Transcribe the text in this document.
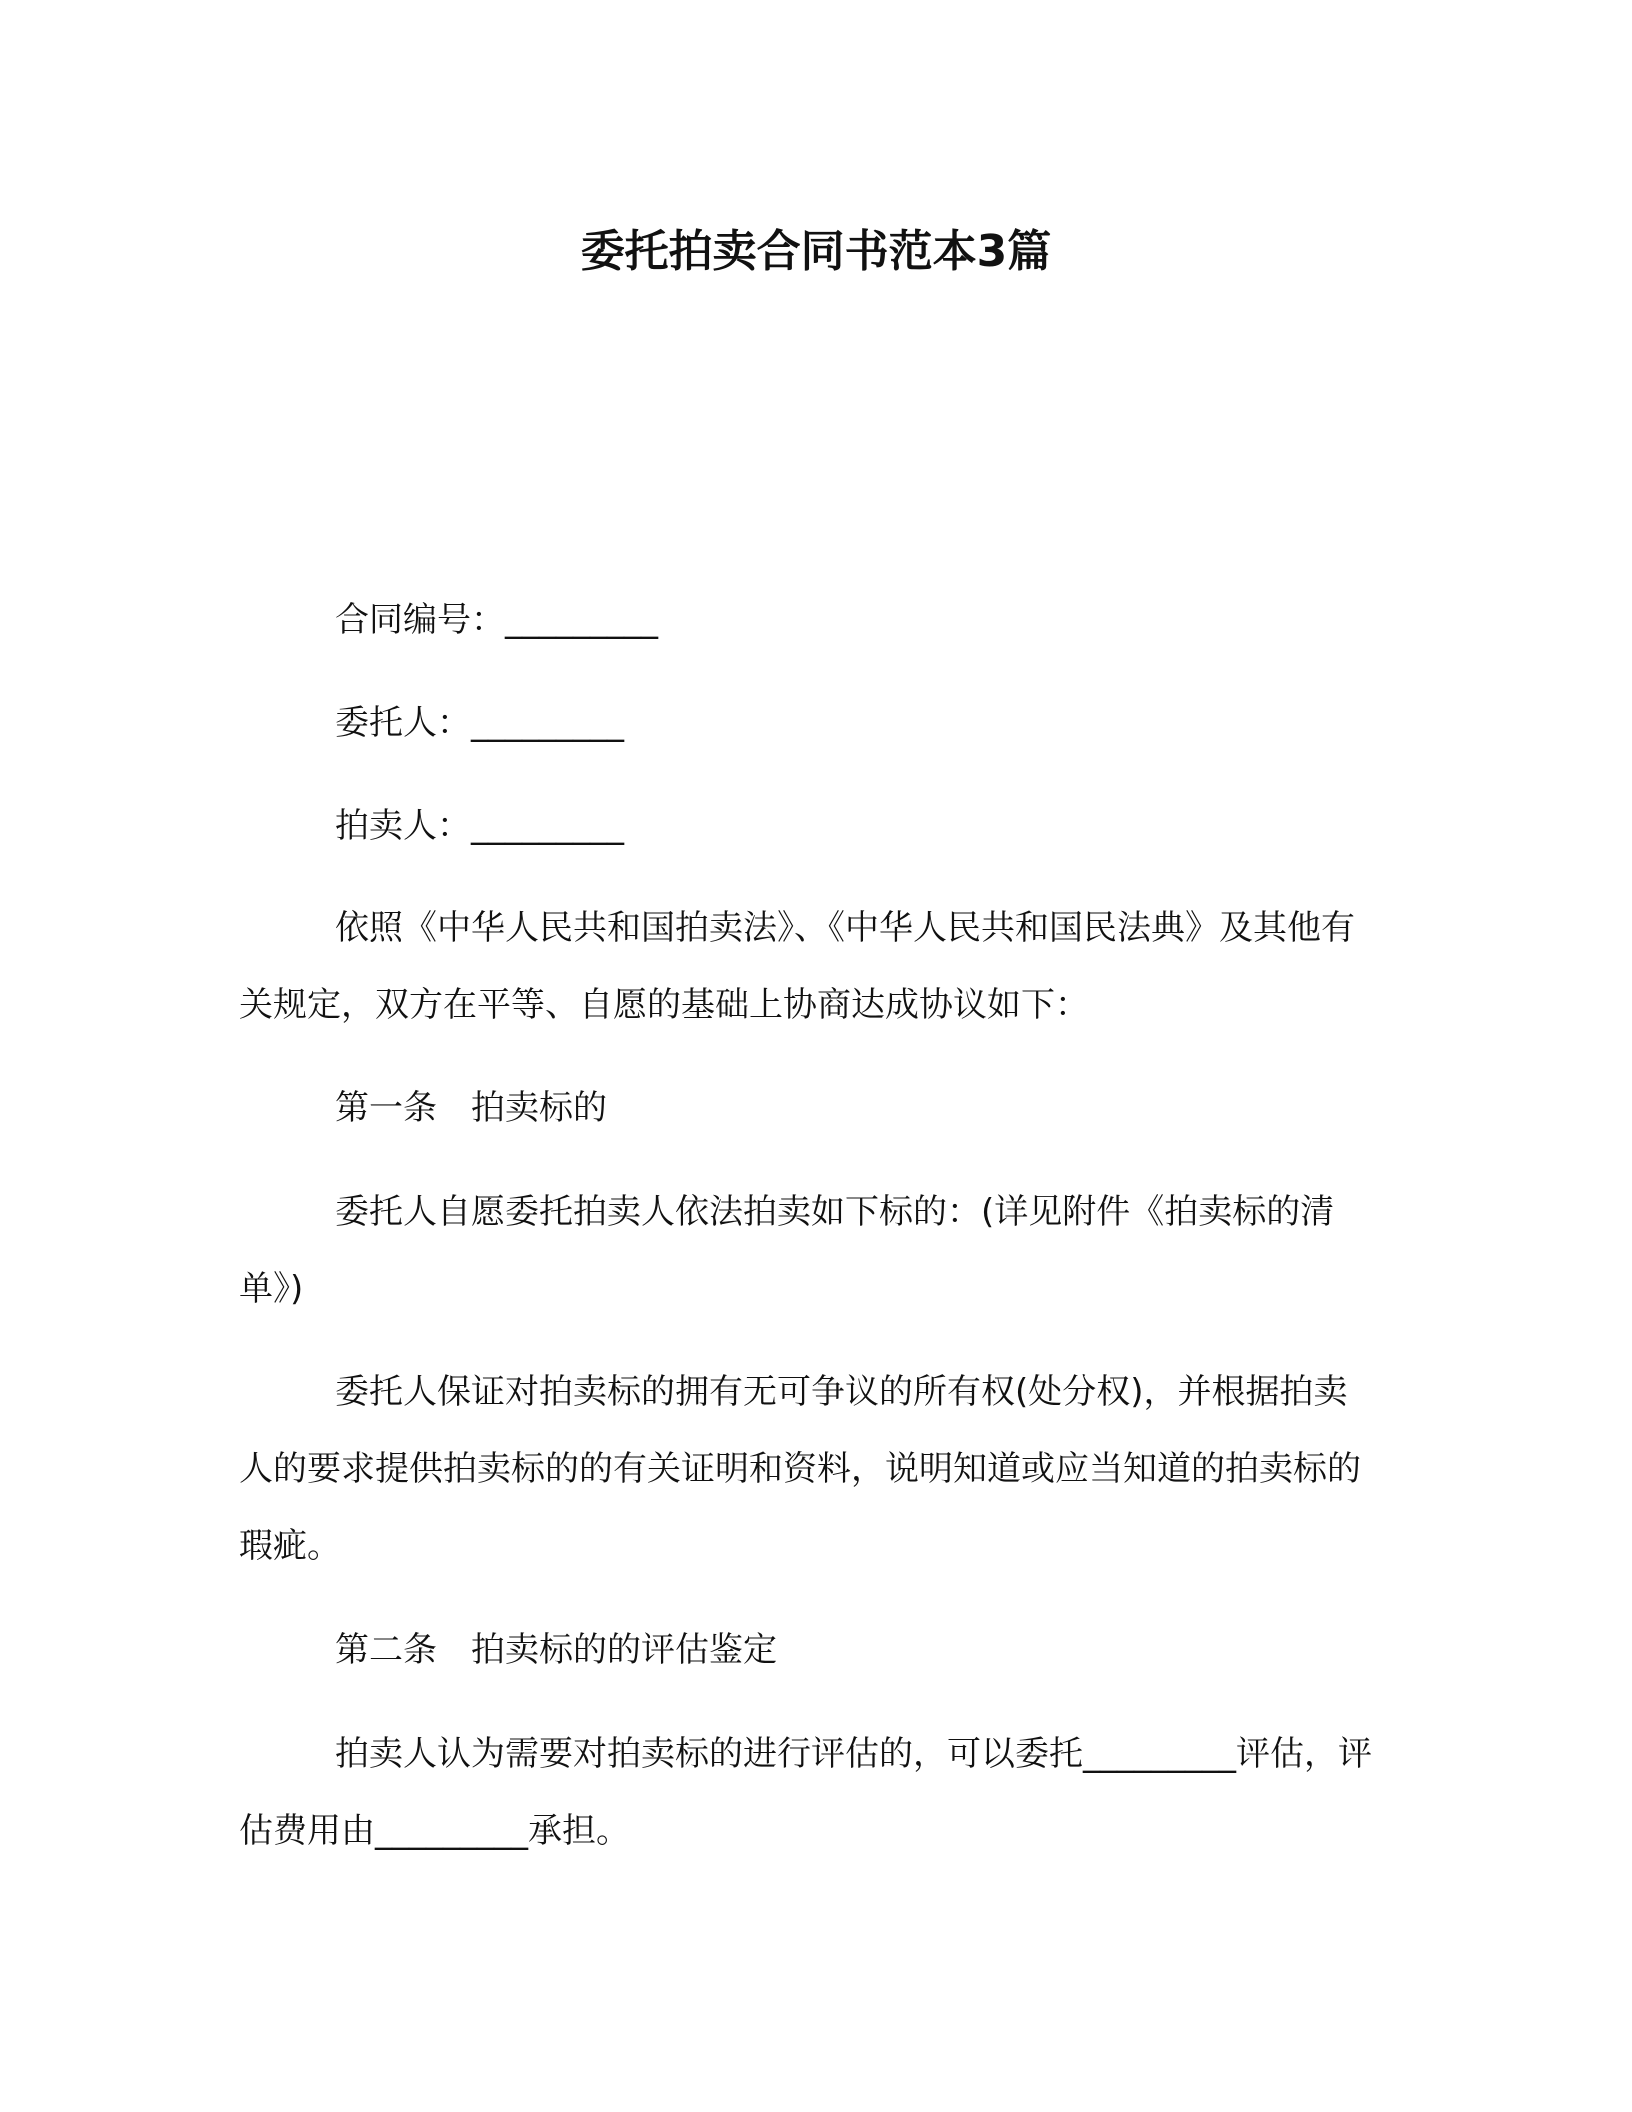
委托拍卖合同书范本3篇
合同编号：_________
委托人：_________
拍卖人：_________

依照《中华人民共和国拍卖法》、《中华人民共和国民法典》及其他有关规定，双方在平等、自愿的基础上协商达成协议如下：

第一条　拍卖标的

委托人自愿委托拍卖人依法拍卖如下标的：(详见附件《拍卖标的清单》)

委托人保证对拍卖标的拥有无可争议的所有权(处分权)，并根据拍卖人的要求提供拍卖标的的有关证明和资料，说明知道或应当知道的拍卖标的瑕疵。

第二条　拍卖标的的评估鉴定

拍卖人认为需要对拍卖标的进行评估的，可以委托_________评估，评估费用由_________承担。
